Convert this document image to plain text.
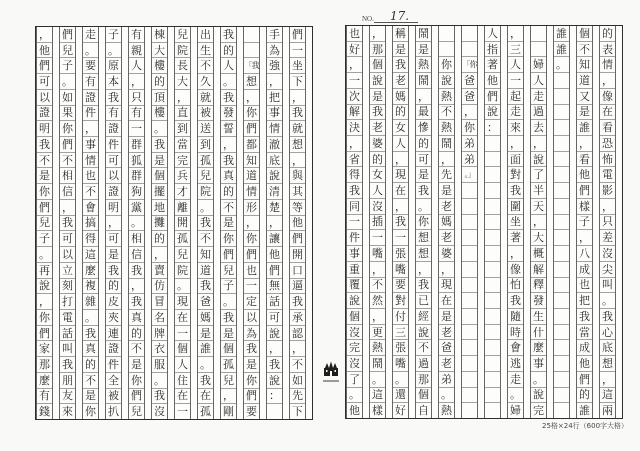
NO. 17.
們
一
坐
下
，
我
就
想
，
與
其
等
他
們
開
口
逼
我
承
認
，
不
如
先
下
手
為
強
，
把
事
情
澈
底
說
清
楚
，
讓
他
們
無
話
可
說
，
我
說
：
「我
想
，
你
們
都
知
道
情
形
，
你
們
也
一
定
以
為
我
是
你
們
要
我
的
人
。
我
發
誓
，
我
真
的
不
是
你
們
兒
子
。
我
是
個
孤
兒
，
剛
出
生
不
久
就
被
送
到
孤
兒
院
。
我
不
知
道
我
爸
媽
是
誰
。
我
在
孤
兒
院
長
大
，
直
到
當
完
兵
才
離
開
孤
兒
院
。
現
在
一
個
人
住
在
一
棟
大
樓
的
頂
樓
。
我
是
個
擺
地
攤
的
，
賣
仿
冒
名
牌
衣
服
。
我
沒
有
親
人
，
只
有
一
群
狐
群
狗
黨
。
相
信
我
，
我
真
的
不
是
你
們
兒
子
。
原
本
我
有
證
件
可
以
證
明
，
可
是
我
的
皮
夾
連
證
件
全
被
扒
走
。
要
有
證
件
，
事
情
也
不
會
搞
得
這
麼
複
雜
。
我
真
的
不
是
你
們
兒
子
。
如
果
你
們
不
相
信
，
我
可
以
立
刻
打
電
話
叫
我
朋
友
來
，
他
們
可
以
證
明
我
不
是
你
們
兒
子
。
再
說
，
你
們
家
那
麼
有
錢
的
表
情
，
像
在
看
恐
怖
電
影
，
只
差
沒
尖
叫
。
我
心
底
想
，
這
兩
個
不
知
道
又
是
誰
，
看
他
們
樣
子
，
八
成
也
把
我
當
成
他
們
的
誰
誰
誰
。
婦
人
走
過
去
，
說
了
半
天
，
大
概
解
釋
發
生
什
麼
事
。
說
完
，
三
人
一
起
走
來
，
面
對
我
圍
坐
著
，
像
怕
我
隨
時
會
逃
走
。
婦
人
指
著
他
們
說
：
「你
爸
爸
，
你
弟
弟
。」
你
說
熱
不
熱
鬧
，
先
是
老
媽
老
婆
，
現
在
是
老
爸
老
弟
。
熱
鬧
是
熱
鬧
，
最
慘
的
可
是
我
。
你
想
想
，
我
已
經
說
不
過
那
個
自
稱
是
我
老
媽
的
女
人
，
現
在
，
我
一
張
嘴
要
對
付
三
張
嘴
。
還
好
，
那
個
說
是
我
老
婆
的
女
人
沒
插
一
嘴
，
不
然
，
更
熱
鬧
。
這
樣
也
好
，
一
次
解
決
，
省
得
我
同
一
件
事
重
覆
說
個
沒
完
沒
了
。
他
25格×24行（600字大格）
